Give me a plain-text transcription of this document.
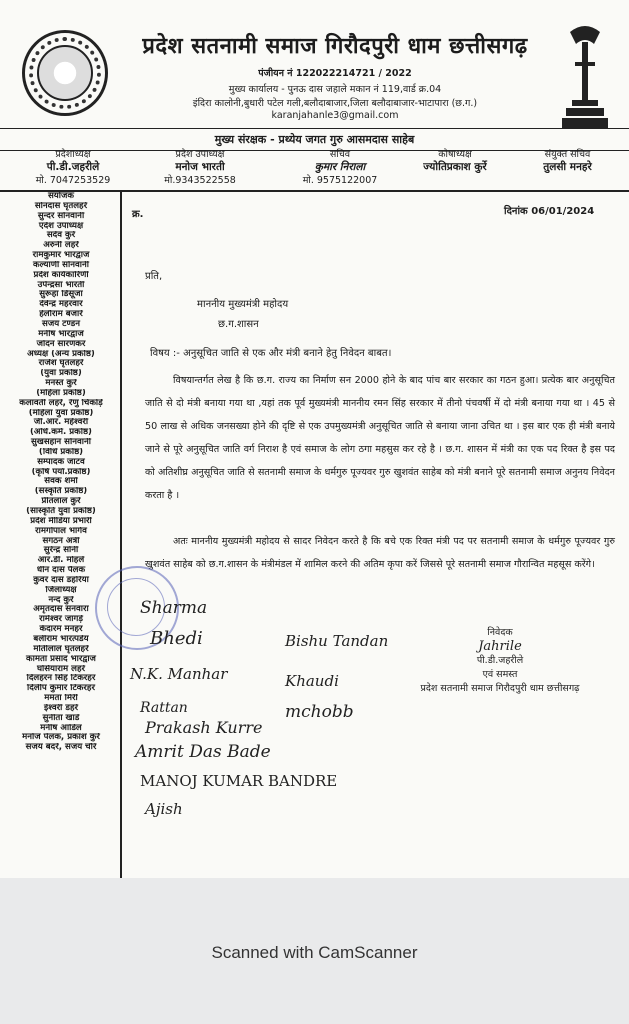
प्रदेश सतनामी समाज गिरौदपुरी धाम छत्तीसगढ़
पंजीयन नं 122022214721 / 2022
मुख्य कार्यालय - पुनऊ दास जहाले मकान नं 119,वार्ड क्र.04
इंदिरा कालोनी,बुधारी पटेल गली,बलौदाबाजार,जिला बलौदाबाजार-भाटापारा (छ.ग.)
karanjahanle3@gmail.com
मुख्य संरक्षक - प्रथ्येय जगत गुरु आसमदास साहेब
प्रदेशाध्यक्ष
पी.डी.जहरीले
मो. 7047253529
प्रदेश उपाध्यक्ष
मनोज भारती
मो.9343522558
सचिव
कुमार निराला
मो. 9575122007
कोषाध्यक्ष
ज्योतिप्रकाश कुर्रे
संयुक्त सचिव
तुलसी मनहरे
संयोजक
सोनदास घृतलहरे
सुन्दर सोनवानी
एदेश उपाध्यक्ष
सदेव कुर्रे
अरुनी लहरे
रामकुमार भारद्वाज
कल्याणी सोनवानी
प्रदेश कार्यकारिणी
उपेन्द्रसा भारती
सुरूहा डिसूजा
देवेन्द्र महरवार
हेलौराम बंजारे
संजय टण्डन
मनीष भारद्वाज
जोदन सारणकर
अध्यक्ष (अन्य प्रकोष्ठ)
राजेश घृतलहरे
(युवा प्रकोष्ठ)
मनस्त कुर्रे
(महिला प्रकोष्ठ)
कलावती लहरे, रेणु चिकोड़े
(महिला युवा प्रकोष्ठ)
जी.आर. महेश्वरी
(अधि.कर्म. प्रकोष्ठ)
सुखसहान सोनवानी
(विधि प्रकोष्ठ)
सम्पादक जाटव
(कृषि पर्या.प्रकोष्ठ)
सेवक शर्मा
(संस्कृति प्रकोष्ठ)
प्रीतलाल कुर्रे
(सास्कृति युवा प्रकोष्ठ)
प्रदेश मीडिया प्रभारी
रामगोपाल भार्गव
संगठन अंत्री
सुरेन्द्र सोनी
आर.डी. मोहले
धीन दास पैलक
कुंवर दास डहरिया
जिलाध्यक्ष
नन्द कुर्रे
अमृतदास सनवारा
रामेश्वर जांगड़े
केदारम मनहर
बलीराम भारत्पडेय
मोतीलाल घृतलहरे
कामता प्रसाद भारद्वाज
घसियाराम लहरे
दिलहरन सिंह टिकरहर
दिलीप कुमार टिकरहर
ममता मिरी
ईश्वरी डहरे
सुनीता खांडे
मनीष आडिल
मनोज पेलक, प्रकाश कुर्रे
संजय बंदरे, संजय चौरे
क्र.	दिनांक 06/01/2024
प्रति,
माननीय मुख्यमंत्री महोदय
छ.ग.शासन
विषय :- अनुसूचित जाति से एक और मंत्री बनाने हेतु निवेदन बाबत।

विषयान्तर्गत लेख है कि छ.ग. राज्य का निर्माण सन 2000 होने के बाद पांच बार सरकार का गठन हुआ। प्रत्येक बार अनुसूचित जाति से दो मंत्री बनाया गया था ,यहां तक पूर्व मुख्यमंत्री माननीय रमन सिंह सरकार में तीनो पंचवर्षी में दो मंत्री बनाया गया था । 45 से 50 लाख से अधिक जनसख्या होने की दृष्टि से एक उपमुख्यमंत्री अनुसूचित जाति से बनाया जाना उचित था । इस बार एक ही मंत्री बनाये जाने से पूरे अनुसूचित जाति वर्ग निराश है एवं समाज के लोग ठगा महसुस कर रहे है । छ.ग. शासन में मंत्री का एक पद रिक्त है इस पद को अतिशीघ्र अनुसूचित जाति से सतनामी समाज के धर्मगुरु पूज्यवर गुरु खुशवंत साहेब को मंत्री बनाने पूरे सतनामी समाज अनुनय निवेदन करता है ।

अतः माननीय मुख्यमंत्री महोदय से सादर निवेदन करते है कि बचे एक रिक्त मंत्री पद पर सतनामी समाज के धर्मगुरु पूज्यवर गुरु खुशवंत साहेब को छ.ग.शासन के मंत्रीमंडल में शामिल करने की अतिम कृपा करें जिससे पूरे सतनामी समाज गौरान्वित महसूस करेंगे।

Sharma
Bhedi	Bishu Tandan
N.K. Manhar	Khaudi
Rattan	mchobb
Prakash Kurre
Amrit Das Bade
MANOJ KUMAR BANDRE
Ajish
निवेदक
Jahrile
पी.डी.जहरीले
एवं समस्त
प्रदेश सतनामी समाज गिरौदपुरी धाम छत्तीसगढ़
Scanned with CamScanner
